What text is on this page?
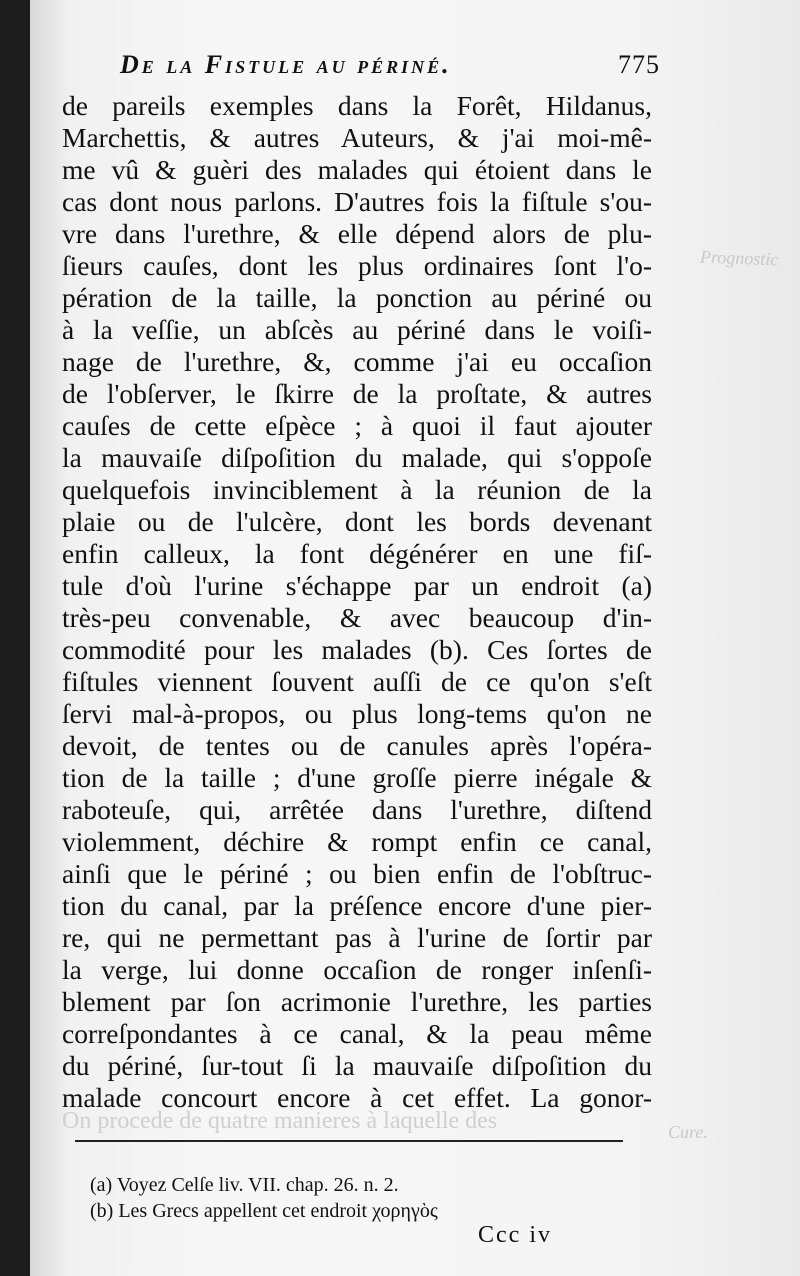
Prognostic
Cure.
De la Fistule au périné.	775
de pareils exemples dans la Forêt, Hildanus,
Marchettis, & autres Auteurs, & j'ai moi-mê-
me vû & guèri des malades qui étoient dans le
cas dont nous parlons. D'autres fois la fiſtule s'ou-
vre dans l'urethre, & elle dépend alors de plu-
ſieurs cauſes, dont les plus ordinaires ſont l'o-
pération de la taille, la ponction au périné ou
à la veſſie, un abſcès au périné dans le voiſi-
nage de l'urethre, &, comme j'ai eu occaſion
de l'obſerver, le ſkirre de la proſtate, & autres
cauſes de cette eſpèce ; à quoi il faut ajouter
la mauvaiſe diſpoſition du malade, qui s'oppoſe
quelquefois invinciblement à la réunion de la
plaie ou de l'ulcère, dont les bords devenant
enfin calleux, la font dégénérer en une fiſ-
tule d'où l'urine s'échappe par un endroit (a)
très-peu convenable, & avec beaucoup d'in-
commodité pour les malades (b). Ces ſortes de
fiſtules viennent ſouvent auſſi de ce qu'on s'eſt
ſervi mal-à-propos, ou plus long-tems qu'on ne
devoit, de tentes ou de canules après l'opéra-
tion de la taille ; d'une groſſe pierre inégale &
raboteuſe, qui, arrêtée dans l'urethre, diſtend
violemment, déchire & rompt enfin ce canal,
ainſi que le périné ; ou bien enfin de l'obſtruc-
tion du canal, par la préſence encore d'une pier-
re, qui ne permettant pas à l'urine de ſortir par
la verge, lui donne occaſion de ronger inſenſi-
blement par ſon acrimonie l'urethre, les parties
correſpondantes à ce canal, & la peau même
du périné, ſur-tout ſi la mauvaiſe diſpoſition du
malade concourt encore à cet effet. La gonor-
On procede de quatre manieres à laquelle des
(a) Voyez Celſe liv. VII. chap. 26. n. 2.
(b) Les Grecs appellent cet endroit χορηγὸς
Ccc iv
